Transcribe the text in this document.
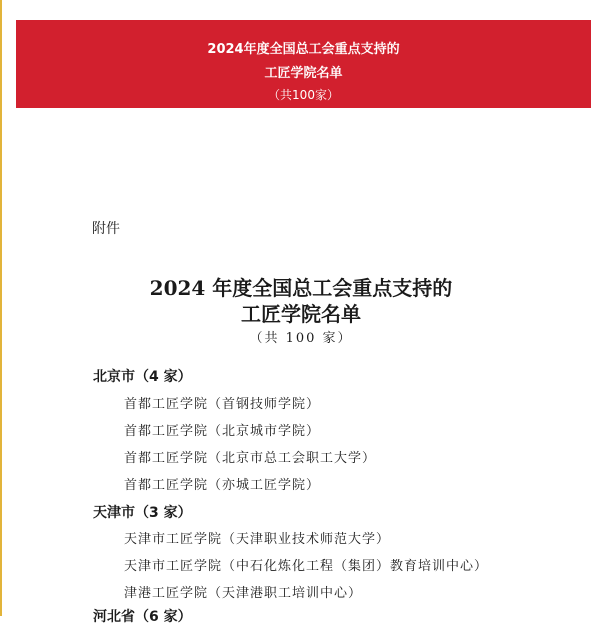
2024年度全国总工会重点支持的
工匠学院名单
（共100家）
附件
2024 年度全国总工会重点支持的
工匠学院名单
（共 100 家）
北京市（4 家）
首都工匠学院（首钢技师学院）
首都工匠学院（北京城市学院）
首都工匠学院（北京市总工会职工大学）
首都工匠学院（亦城工匠学院）
天津市（3 家）
天津市工匠学院（天津职业技术师范大学）
天津市工匠学院（中石化炼化工程（集团）教育培训中心）
津港工匠学院（天津港职工培训中心）
河北省（6 家）
